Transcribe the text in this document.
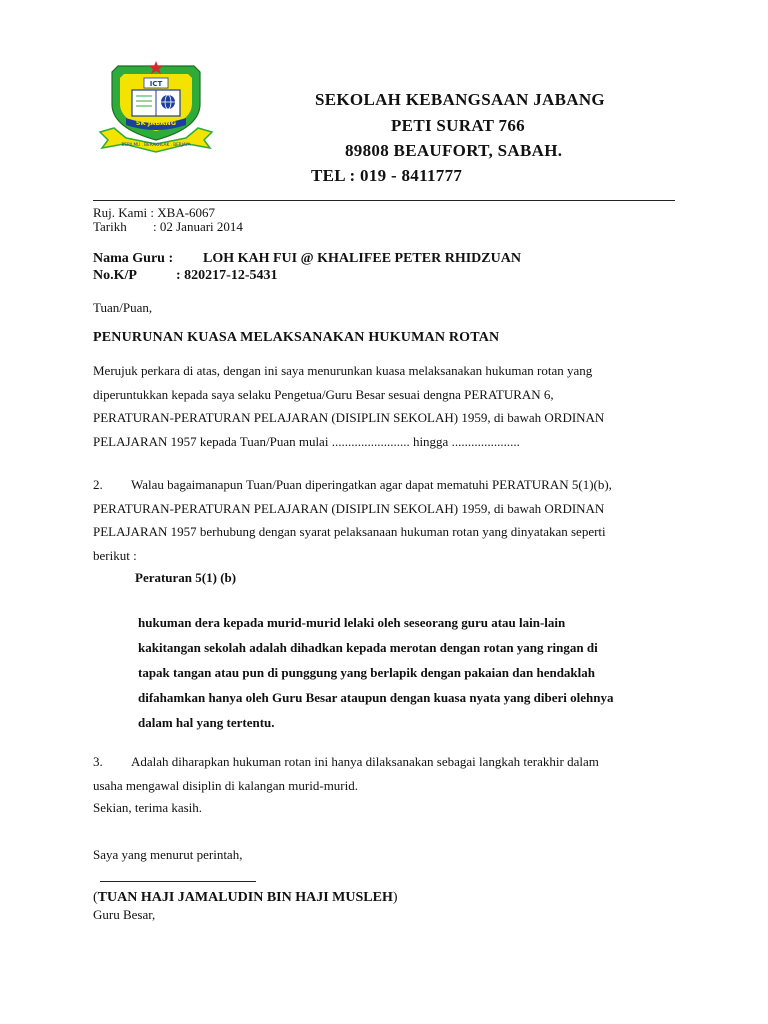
BERILMU . BERAKHLAK . BERJAYA
ICT
SK JABANG
SEKOLAH KEBANGSAAN JABANG
PETI SURAT 766
89808 BEAUFORT, SABAH.
TEL : 019 - 8411777
Ruj. Kami : XBA-6067
Tarikh : 02 Januari 2014
Nama Guru : LOH KAH FUI @ KHALIFEE PETER RHIDZUAN
No.K/P	: 820217-12-5431
Tuan/Puan,
PENURUNAN KUASA MELAKSANAKAN HUKUMAN ROTAN
Merujuk perkara di atas, dengan ini saya menurunkan kuasa melaksanakan hukuman rotan yang
diperuntukkan kepada saya selaku Pengetua/Guru Besar sesuai dengna PERATURAN 6,
PERATURAN-PERATURAN PELAJARAN (DISIPLIN SEKOLAH) 1959, di bawah ORDINAN
PELAJARAN 1957 kepada Tuan/Puan mulai ........................ hingga .....................
2.	Walau bagaimanapun Tuan/Puan diperingatkan agar dapat mematuhi PERATURAN 5(1)(b),
PERATURAN-PERATURAN PELAJARAN (DISIPLIN SEKOLAH) 1959, di bawah ORDINAN
PELAJARAN 1957 berhubung dengan syarat pelaksanaan hukuman rotan yang dinyatakan seperti
berikut :
Peraturan 5(1) (b)
hukuman dera kepada murid-murid lelaki oleh seseorang guru atau lain-lain
kakitangan sekolah adalah dihadkan kepada merotan dengan rotan yang ringan di
tapak tangan atau pun di punggung yang berlapik dengan pakaian dan hendaklah
difahamkan hanya oleh Guru Besar ataupun dengan kuasa nyata yang diberi olehnya
dalam hal yang tertentu.
3.	Adalah diharapkan hukuman rotan ini hanya dilaksanakan sebagai langkah terakhir dalam
usaha mengawal disiplin di kalangan murid-murid.
Sekian, terima kasih.
Saya yang menurut perintah,
(TUAN HAJI JAMALUDIN BIN HAJI MUSLEH)
Guru Besar,
